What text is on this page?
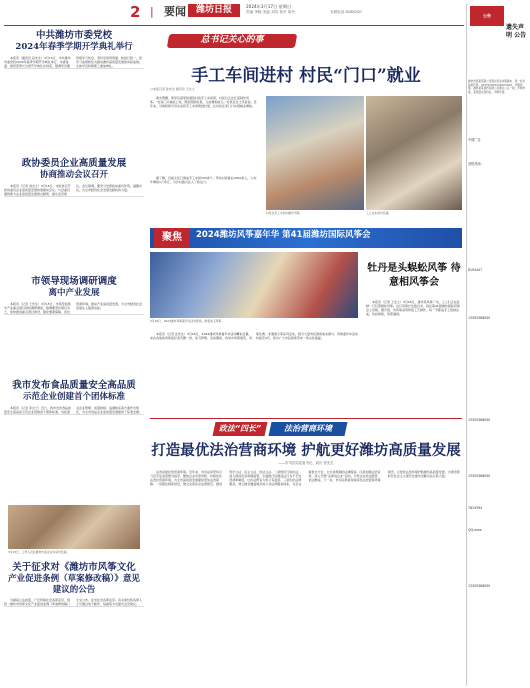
2 | 要闻	潍坊日报	2024年3月17日 星期日
责编 李晓 美编 刘英 校对 周丹	本版电话 8288200
公告
遗失声明 公告
潍坊市某某有限公司遗失营业执照副本，统一社会信用代码：913707XXXXXXXXXXXX，声明作废。潍坊某某商贸有限公司遗失公章一枚，声明作废。某某遗失身份证，声明作废。
中国广告
登报热线：
8194447
13305368050
13305368050
13305368050
7819394
QQ:xxxx
13305368050
中共潍坊市委党校
2024年春季学期开学典礼举行
本报讯（通讯员 孙先生）3月15日，中共潍坊市委党校2024年春季学期开学典礼举行。市委常委、组织部部长出席开学典礼并讲话，强调学员要珍惜学习机会，坚持学思用贯通、知信行统一，把学习成果转化为推动潍坊高质量发展的实际成效。全体学员和教职工参加典礼。
政协委员企业高质量发展
协商推动会议召开
本报讯（记者 刘女士）3月15日，市政协召开政协委员企业高质量发展协商推动会议。与会委员围绕助力企业高质量发展建言献策，提出意见建议。会议强调，要充分发挥政协委员作用，凝聚共识，为全市经济社会发展贡献政协力量。
市领导现场调研调度
离中产业发展
本报讯（记者 王先生）3月15日，市领导到离中产业重点项目现场调研调度，强调要坚持项目为王，加快推进重点项目建设，强化要素保障，优化营商环境，推动产业高质量发展，为全市经济社会发展注入强劲动能。
我市发布食品质量安全高品质
示范企业创建首个团体标准
本报讯（记者 李女士）近日，我市发布食品质量安全高品质示范企业创建首个团体标准。该标准对企业管理、质量控制、追溯体系等方面作出规范，为全市食品企业高质量发展提供了标准支撑。
关于征求对《潍坊市风筝文化
产业促进条例（草案修改稿）》意见建议的公告
为提高立法质量，广泛听取社会各界意见，现将《潍坊市风筝文化产业促进条例（草案修改稿）》全文公布，征求社会各界意见。有关单位和各界人士可通过电子邮件、信函等方式提出意见建议。
3月15日，工作人员在潍坊市某企业车间内忙碌。
总书记关心的事
手工车间进村 村民“门口”就业
□本报记者 孙先生 通讯员 王女士
春光明媚，寒亭区高里街道某村的手工车间里，村民们正在忙着制作风筝。“在家门口就能上班，既能照顾家里，又能增加收入。”村民张女士笑着说。近年来，当地积极引导企业将手工车间建到村里，让村民在家门口实现就业增收。
据了解，目前全区已建成手工车间100余个，带动村民就业3000余人，人均年增收1万余元，为乡村振兴注入了新活力。
村民在手工车间内制作风筝。	工人在车间内忙碌。
聚焦	2024潍坊风筝嘉年华 第41届潍坊国际风筝会
3月16日，2024潍坊风筝嘉年华活动现场，游客放飞风筝。
本报讯（记者 张先生）3月16日，2024潍坊风筝嘉年华活动精彩启幕，来自各地的风筝爱好者齐聚一堂，放飞梦想。活动期间，将举办风筝展览、风筝比赛、非遗展示等系列活动，吸引大量市民游客前来参与。风筝嘉年华活动持续至4月，将为广大市民游客带来一场文化盛宴。
牡丹是头蜈蚣风筝 待意相风筝会
本报讯（记者 王女士）3月16日，潍坊某风筝厂内，工人们正在赶制一只巨型蜈蚣风筝。这只风筝长达数百米，将在第41届潍坊国际风筝会上亮相。据介绍，该风筝采用传统工艺制作，每一节都由手工绘制完成，色彩鲜艳，造型逼真。
政法“四长”	法治营商环境
打造最优法治营商环境 护航更好潍坊高质量发展
——市司法局党委书记、局长 张先生
法治是最好的营商环境。近年来，市司法局坚持以习近平法治思想为指导，聚焦企业所需所盼，持续优化法治化营商环境，为全市高质量发展提供坚实法治保障。一是强化制度供给，健全完善涉企法规规章，推进科学立法、民主立法、依法立法。二是规范行政执法，深入推进包容审慎监管，全面推行轻微违法行为不予处罚清单制度，让执法既有力度又有温度。三是优化法律服务，建立健全覆盖城乡的公共法律服务体系，为企业提供全方位、全生命周期的法律服务。四是加强法治宣传，深入开展“法律进企业”活动，引导企业依法经营、依法维权。下一步，市司法局将持续深化法治营商环境建设，以更优法治环境护航潍坊高质量发展，为建设新时代社会主义现代化强市贡献司法行政力量。
